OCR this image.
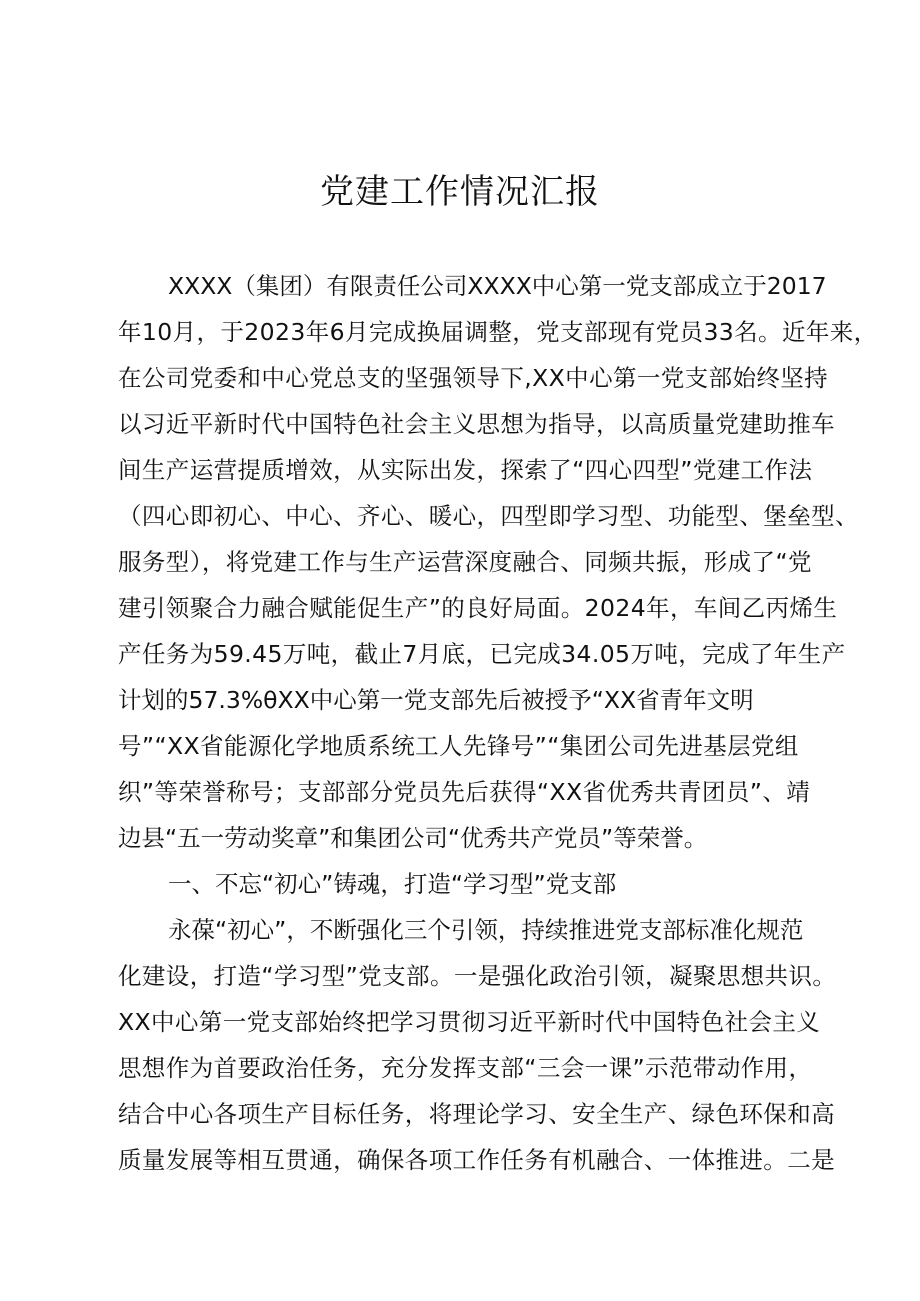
党建工作情况汇报
XXXX（集团）有限责任公司XXXX中心第一党支部成立于2017
年10月，于2023年6月完成换届调整，党支部现有党员33名。近年来，
在公司党委和中心党总支的坚强领导下,XX中心第一党支部始终坚持
以习近平新时代中国特色社会主义思想为指导，以高质量党建助推车
间生产运营提质增效，从实际出发，探索了“四心四型”党建工作法
（四心即初心、中心、齐心、暖心，四型即学习型、功能型、堡垒型、
服务型），将党建工作与生产运营深度融合、同频共振，形成了“党
建引领聚合力融合赋能促生产”的良好局面。2024年，车间乙丙烯生
产任务为59.45万吨，截止7月底，已完成34.05万吨，完成了年生产
计划的57.3%θXX中心第一党支部先后被授予“XX省青年文明
号”“XX省能源化学地质系统工人先锋号”“集团公司先进基层党组
织”等荣誉称号；支部部分党员先后获得“XX省优秀共青团员”、靖
边县“五一劳动奖章”和集团公司“优秀共产党员”等荣誉。
一、不忘“初心”铸魂，打造“学习型”党支部
永葆“初心”，不断强化三个引领，持续推进党支部标准化规范
化建设，打造“学习型”党支部。一是强化政治引领，凝聚思想共识。
XX中心第一党支部始终把学习贯彻习近平新时代中国特色社会主义
思想作为首要政治任务，充分发挥支部“三会一课”示范带动作用，
结合中心各项生产目标任务，将理论学习、安全生产、绿色环保和高
质量发展等相互贯通，确保各项工作任务有机融合、一体推进。二是
